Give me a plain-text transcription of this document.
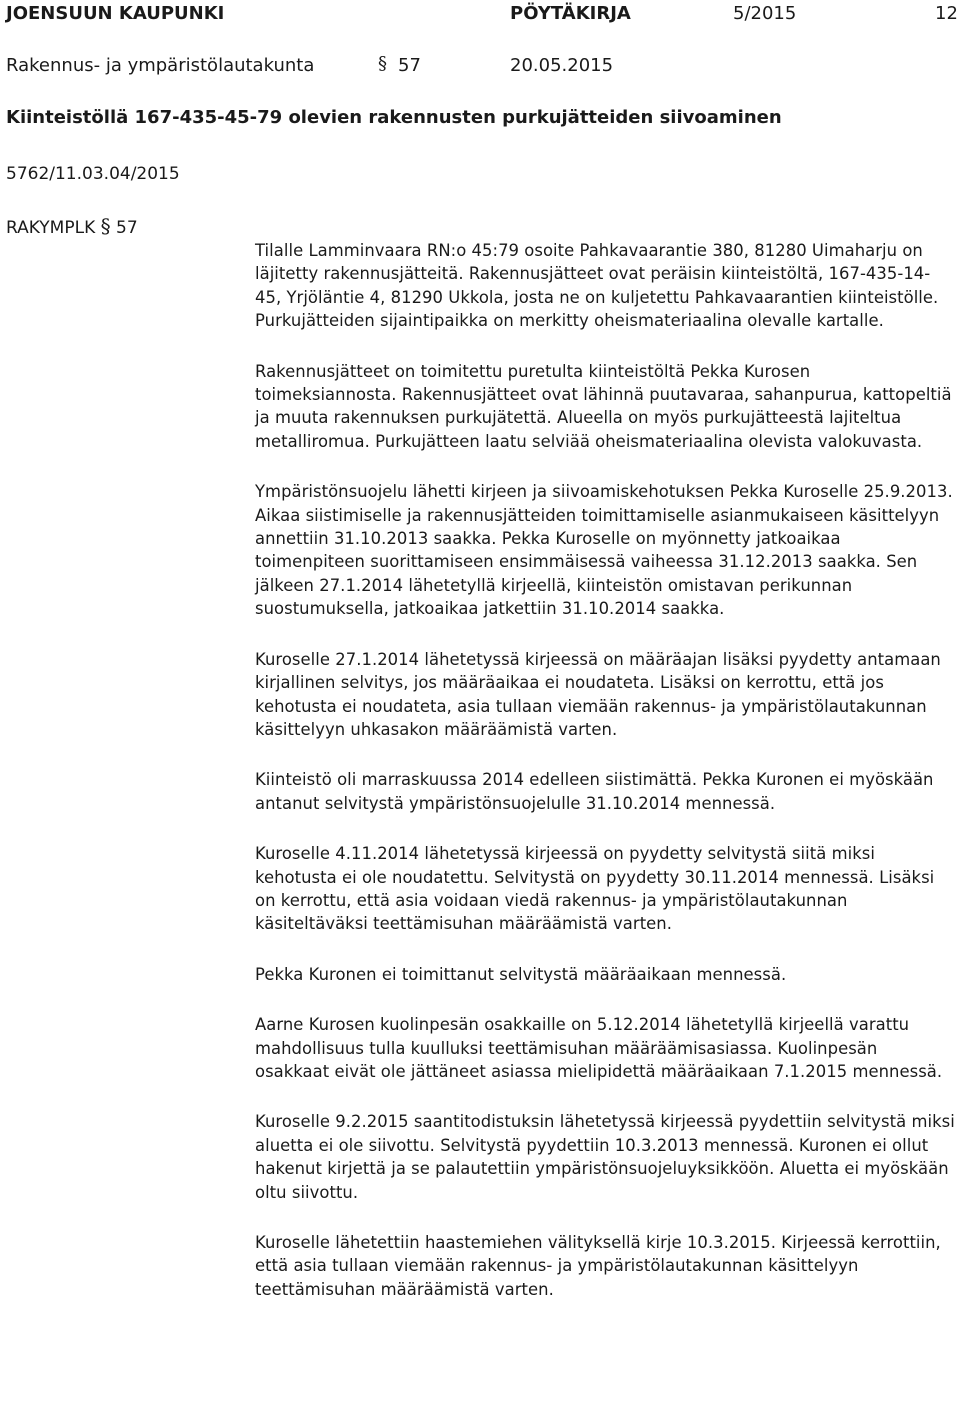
JOENSUUN KAUPUNKI	PÖYTÄKIRJA	5/2015	12
Rakennus- ja ympäristölautakunta	§ 57	20.05.2015
Kiinteistöllä 167-435-45-79 olevien rakennusten purkujätteiden siivoaminen
5762/11.03.04/2015
RAKYMPLK § 57

Tilalle Lamminvaara RN:o 45:79 osoite Pahkavaarantie 380, 81280 Uimaharju on läjitetty rakennusjätteitä. Rakennusjätteet ovat peräisin kiinteistöltä, 167-435-14-45, Yrjöläntie 4, 81290 Ukkola, josta ne on kuljetettu Pahkavaarantien kiinteistölle. Purkujätteiden sijaintipaikka on merkitty oheismateriaalina olevalle kartalle.

Rakennusjätteet on toimitettu puretulta kiinteistöltä Pekka Kurosen toimeksiannosta. Rakennusjätteet ovat lähinnä puutavaraa, sahanpurua, kattopeltiä ja muuta rakennuksen purkujätettä. Alueella on myös purkujätteestä lajiteltua metalliromua. Purkujätteen laatu selviää oheismateriaalina olevista valokuvasta.

Ympäristönsuojelu lähetti kirjeen ja siivoamiskehotuksen Pekka Kuroselle 25.9.2013. Aikaa siistimiselle ja rakennusjätteiden toimittamiselle asianmukaiseen käsittelyyn annettiin 31.10.2013 saakka. Pekka Kuroselle on myönnetty jatkoaikaa toimenpiteen suorittamiseen ensimmäisessä vaiheessa 31.12.2013 saakka. Sen jälkeen 27.1.2014 lähetetyllä kirjeellä, kiinteistön omistavan perikunnan suostumuksella, jatkoaikaa jatkettiin 31.10.2014 saakka.

Kuroselle 27.1.2014 lähetetyssä kirjeessä on määräajan lisäksi pyydetty antamaan kirjallinen selvitys, jos määräaikaa ei noudateta. Lisäksi on kerrottu, että jos kehotusta ei noudateta, asia tullaan viemään rakennus- ja ympäristölautakunnan käsittelyyn uhkasakon määräämistä varten.

Kiinteistö oli marraskuussa 2014 edelleen siistimättä. Pekka Kuronen ei myöskään antanut selvitystä ympäristönsuojelulle 31.10.2014 mennessä.

Kuroselle 4.11.2014 lähetetyssä kirjeessä on pyydetty selvitystä siitä miksi kehotusta ei ole noudatettu. Selvitystä on pyydetty 30.11.2014 mennessä. Lisäksi on kerrottu, että asia voidaan viedä rakennus- ja ympäristölautakunnan käsiteltäväksi teettämisuhan määräämistä varten.

Pekka Kuronen ei toimittanut selvitystä määräaikaan mennessä.

Aarne Kurosen kuolinpesän osakkaille on 5.12.2014 lähetetyllä kirjeellä varattu mahdollisuus tulla kuulluksi teettämisuhan määräämisasiassa. Kuolinpesän osakkaat eivät ole jättäneet asiassa mielipidettä määräaikaan 7.1.2015 mennessä.

Kuroselle 9.2.2015 saantitodistuksin lähetetyssä kirjeessä pyydettiin selvitystä miksi aluetta ei ole siivottu. Selvitystä pyydettiin 10.3.2013 mennessä. Kuronen ei ollut hakenut kirjettä ja se palautettiin ympäristönsuojeluyksikköön. Aluetta ei myöskään oltu siivottu.

Kuroselle lähetettiin haastemiehen välityksellä kirje 10.3.2015. Kirjeessä kerrottiin, että asia tullaan viemään rakennus- ja ympäristölautakunnan käsittelyyn teettämisuhan määräämistä varten.
